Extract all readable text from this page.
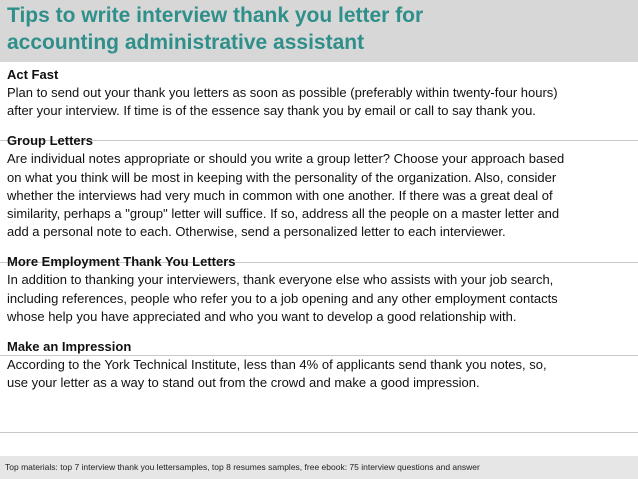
Tips to write interview thank you letter for
accounting administrative assistant
Act Fast
Plan to send out your thank you letters as soon as possible (preferably within twenty-four hours)
after your interview. If time is of the essence say thank you by email or call to say thank you.
Group Letters
Are individual notes appropriate or should you write a group letter? Choose your approach based
on what you think will be most in keeping with the personality of the organization. Also, consider
whether the interviews had very much in common with one another. If there was a great deal of
similarity, perhaps a "group" letter will suffice. If so, address all the people on a master letter and
add a personal note to each. Otherwise, send a personalized letter to each interviewer.
More Employment Thank You Letters
In addition to thanking your interviewers, thank everyone else who assists with your job search,
including references, people who refer you to a job opening and any other employment contacts
whose help you have appreciated and who you want to develop a good relationship with.
Make an Impression
According to the York Technical Institute, less than 4% of applicants send thank you notes, so,
use your letter as a way to stand out from the crowd and make a good impression.
Top materials: top 7 interview thank you lettersamples, top 8 resumes samples, free ebook: 75 interview questions and answer
